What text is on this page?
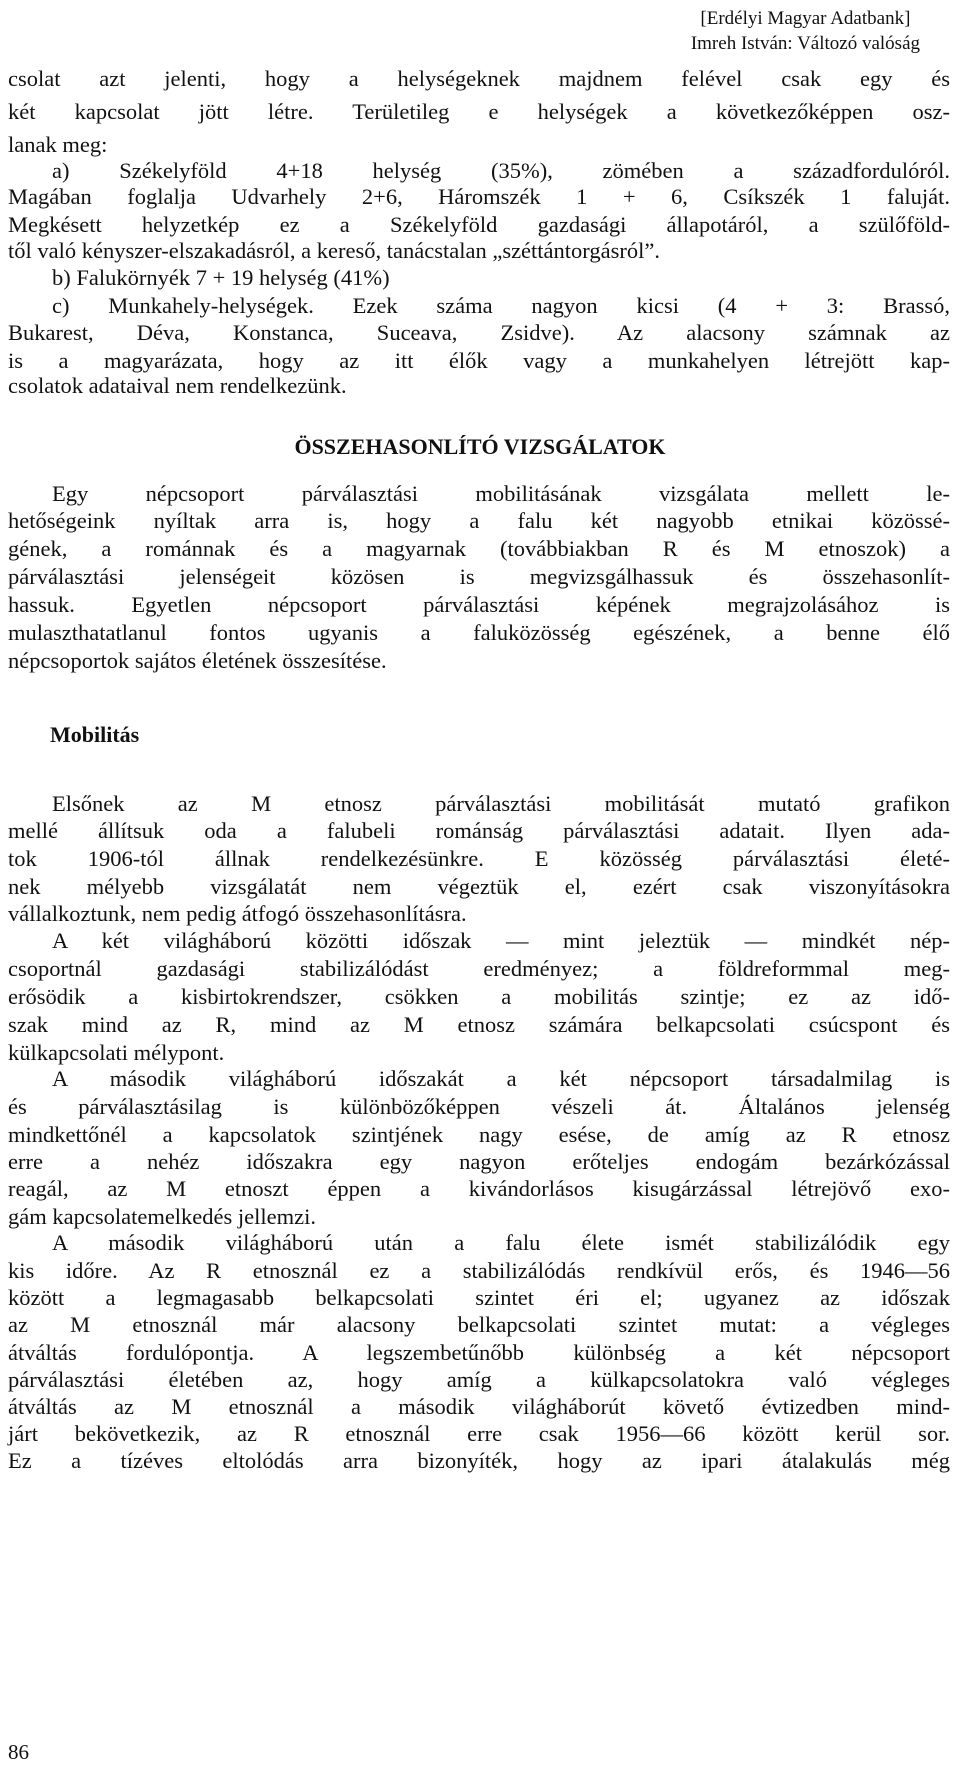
[Erdélyi Magyar Adatbank]
Imreh István: Változó valóság
csolat azt jelenti, hogy a helységeknek majdnem felével csak egy és
két kapcsolat jött létre. Területileg e helységek a következőképpen osz-
lanak meg:
a) Székelyföld 4+18 helység (35%), zömében a századfordulóról.
Magában foglalja Udvarhely 2+6, Háromszék 1 + 6, Csíkszék 1 faluját.
Megkésett helyzetkép ez a Székelyföld gazdasági állapotáról, a szülőföld-
től való kényszer-elszakadásról, a kereső, tanácstalan „széttántorgásról”.
b) Falukörnyék 7 + 19 helység (41%)
c) Munkahely-helységek. Ezek száma nagyon kicsi (4 + 3: Brassó,
Bukarest, Déva, Konstanca, Suceava, Zsidve). Az alacsony számnak az
is a magyarázata, hogy az itt élők vagy a munkahelyen létrejött kap-
csolatok adataival nem rendelkezünk.
ÖSSZEHASONLÍTÓ VIZSGÁLATOK
Egy népcsoport párválasztási mobilitásának vizsgálata mellett le-
hetőségeink nyíltak arra is, hogy a falu két nagyobb etnikai közössé-
gének, a románnak és a magyarnak (továbbiakban R és M etnoszok) a
párválasztási jelenségeit közösen is megvizsgálhassuk és összehasonlít-
hassuk. Egyetlen népcsoport párválasztási képének megrajzolásához is
mulaszthatatlanul fontos ugyanis a faluközösség egészének, a benne élő
népcsoportok sajátos életének összesítése.
Mobilitás
Elsőnek az M etnosz párválasztási mobilitását mutató grafikon
mellé állítsuk oda a falubeli románság párválasztási adatait. Ilyen ada-
tok 1906-tól állnak rendelkezésünkre. E közösség párválasztási életé-
nek mélyebb vizsgálatát nem végeztük el, ezért csak viszonyításokra
vállalkoztunk, nem pedig átfogó összehasonlításra.
A két világháború közötti időszak — mint jeleztük — mindkét nép-
csoportnál gazdasági stabilizálódást eredményez; a földreformmal meg-
erősödik a kisbirtokrendszer, csökken a mobilitás szintje; ez az idő-
szak mind az R, mind az M etnosz számára belkapcsolati csúcspont és
külkapcsolati mélypont.
A második világháború időszakát a két népcsoport társadalmilag is
és párválasztásilag is különbözőképpen vészeli át. Általános jelenség
mindkettőnél a kapcsolatok szintjének nagy esése, de amíg az R etnosz
erre a nehéz időszakra egy nagyon erőteljes endogám bezárkózással
reagál, az M etnoszt éppen a kivándorlásos kisugárzással létrejövő exo-
gám kapcsolatemelkedés jellemzi.
A második világháború után a falu élete ismét stabilizálódik egy
kis időre. Az R etnosznál ez a stabilizálódás rendkívül erős, és 1946—56
között a legmagasabb belkapcsolati szintet éri el; ugyanez az időszak
az M etnosznál már alacsony belkapcsolati szintet mutat: a végleges
átváltás fordulópontja. A legszembetűnőbb különbség a két népcsoport
párválasztási életében az, hogy amíg a külkapcsolatokra való végleges
átváltás az M etnosznál a második világháborút követő évtizedben mind-
járt bekövetkezik, az R etnosznál erre csak 1956—66 között kerül sor.
Ez a tízéves eltolódás arra bizonyíték, hogy az ipari átalakulás még
86
